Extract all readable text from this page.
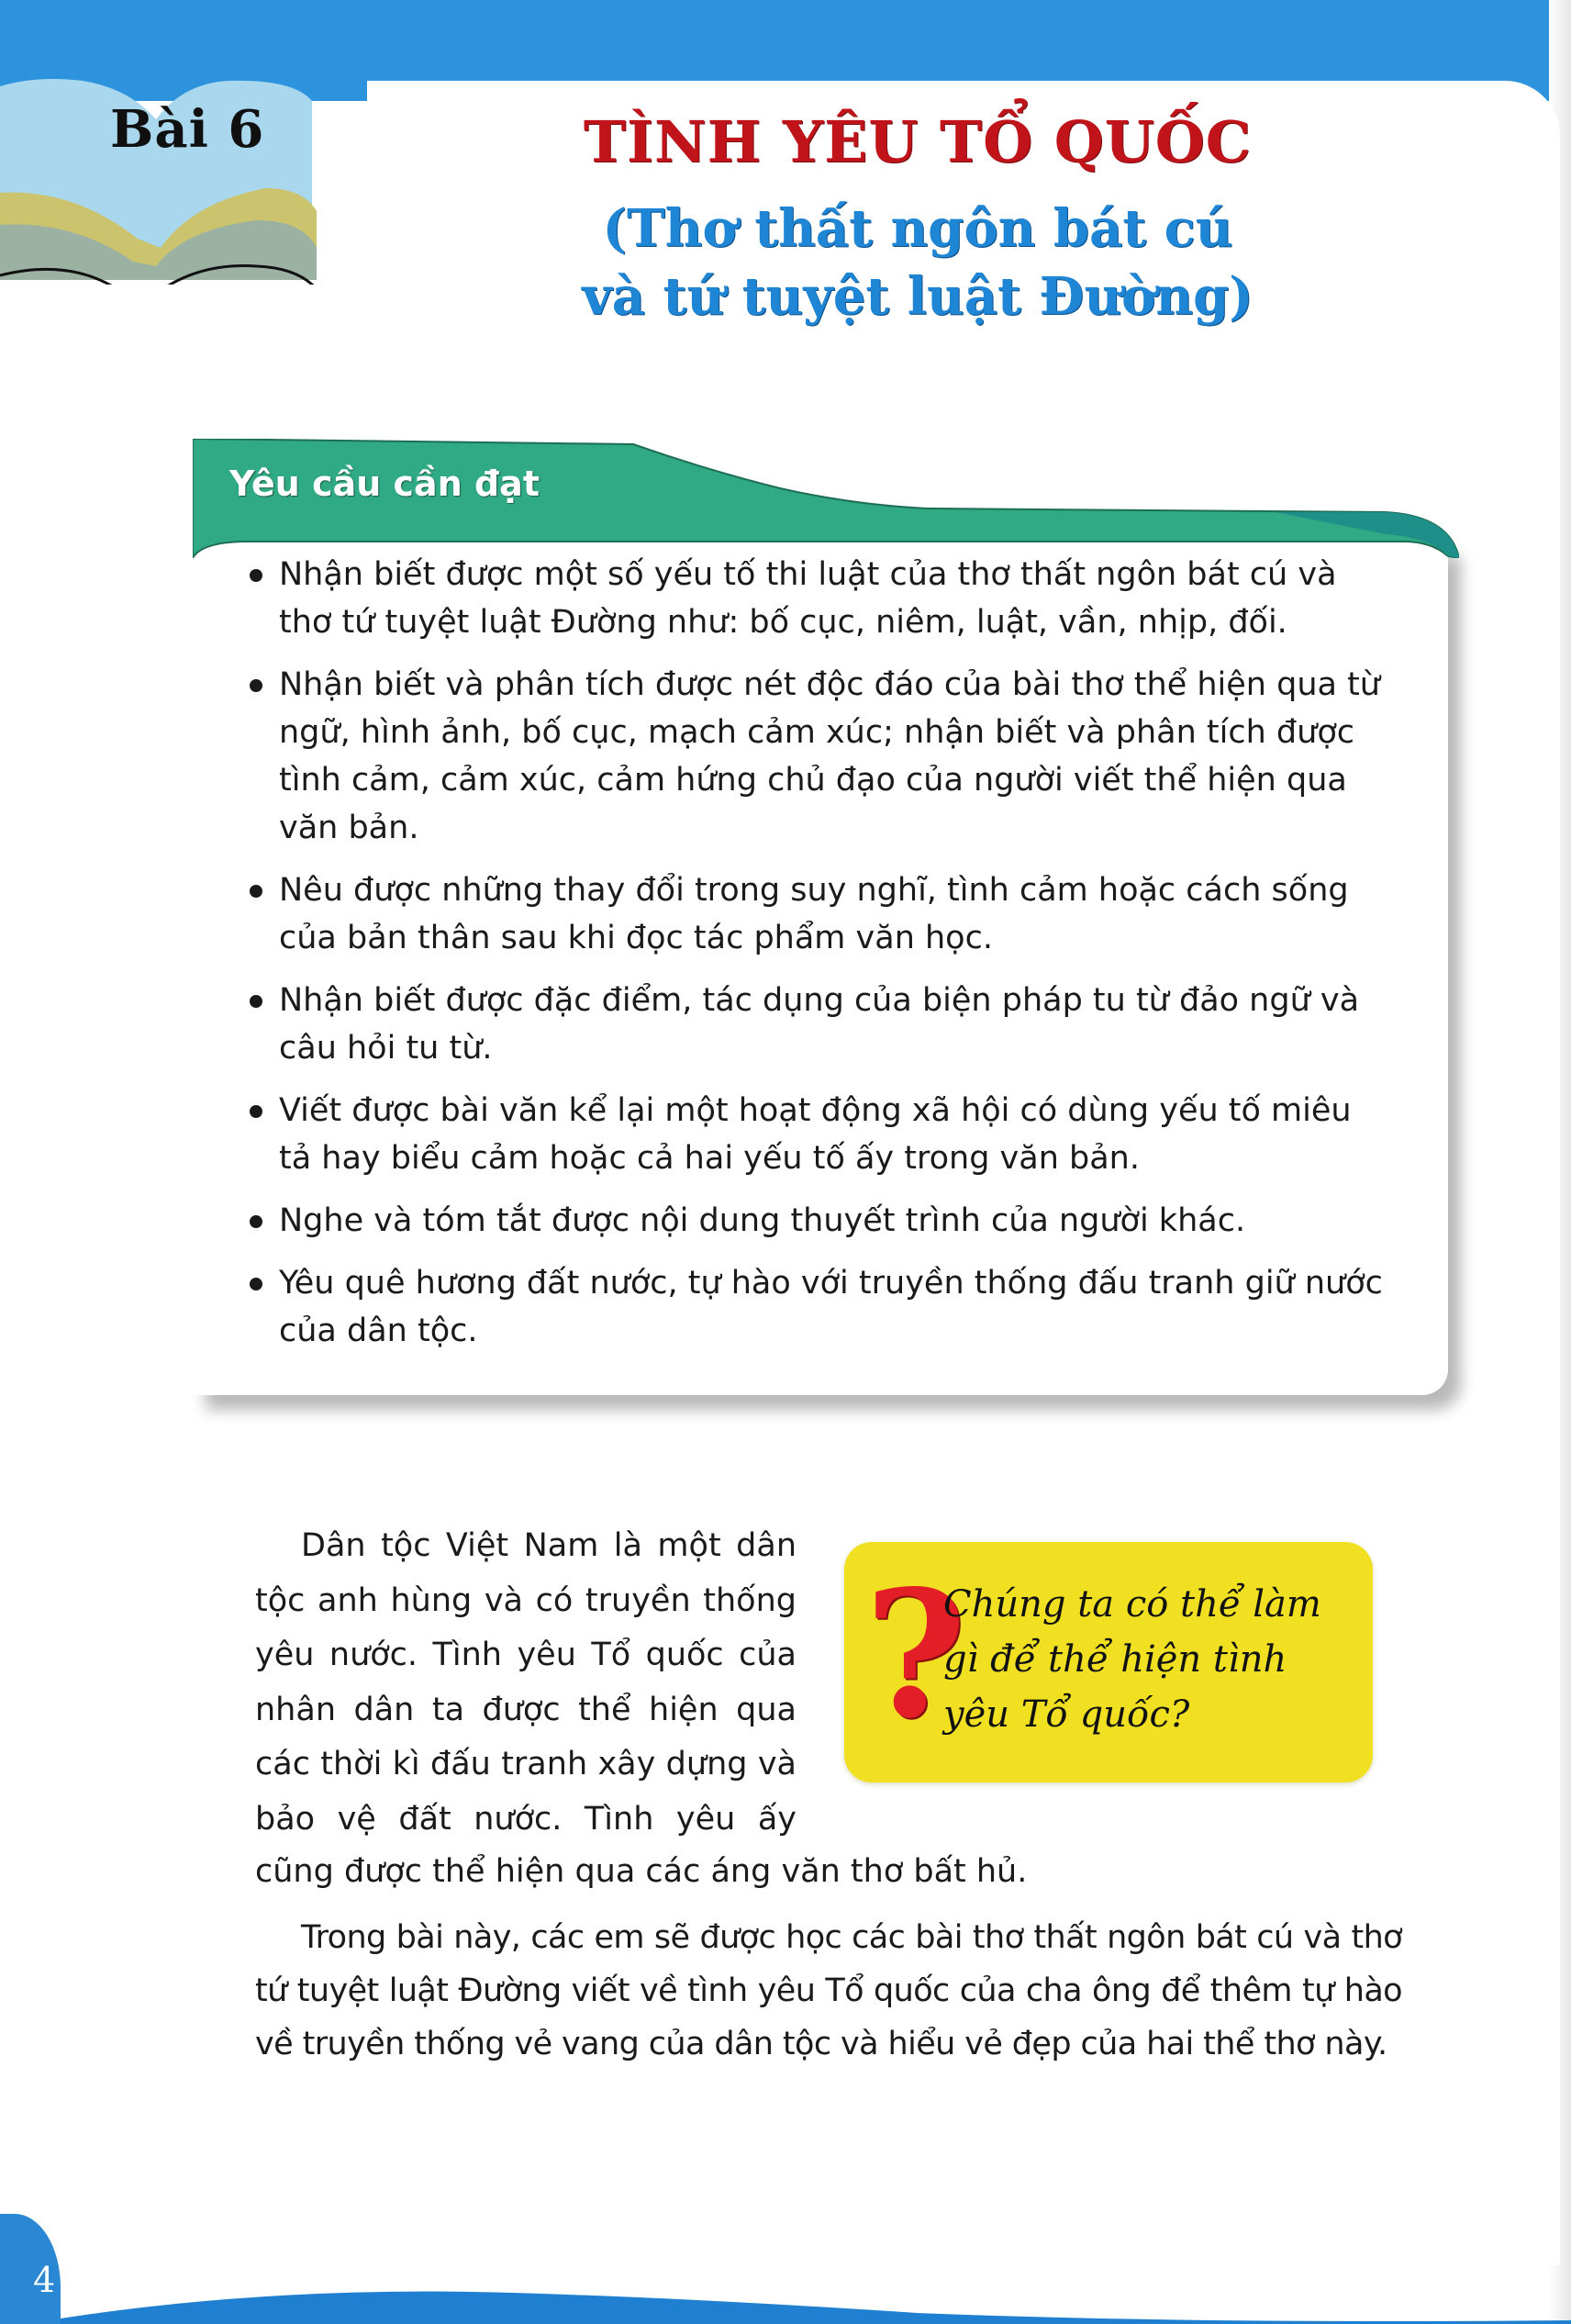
Bài 6	TÌNH YÊU TỔ QUỐC
(Thơ thất ngôn bát cú
và tứ tuyệt luật Đường)
Yêu cầu cần đạt
Nhận biết được một số yếu tố thi luật của thơ thất ngôn bát cú và thơ tứ tuyệt luật Đường như: bố cục, niêm, luật, vần, nhịp, đối.
Nhận biết và phân tích được nét độc đáo của bài thơ thể hiện qua từ ngữ, hình ảnh, bố cục, mạch cảm xúc; nhận biết và phân tích được tình cảm, cảm xúc, cảm hứng chủ đạo của người viết thể hiện qua văn bản.
Nêu được những thay đổi trong suy nghĩ, tình cảm hoặc cách sống của bản thân sau khi đọc tác phẩm văn học.
Nhận biết được đặc điểm, tác dụng của biện pháp tu từ đảo ngữ và câu hỏi tu từ.
Viết được bài văn kể lại một hoạt động xã hội có dùng yếu tố miêu tả hay biểu cảm hoặc cả hai yếu tố ấy trong văn bản.
Nghe và tóm tắt được nội dung thuyết trình của người khác.
Yêu quê hương đất nước, tự hào với truyền thống đấu tranh giữ nước của dân tộc.
Dân tộc Việt Nam là một dân tộc anh hùng và có truyền thống yêu nước. Tình yêu Tổ quốc của nhân dân ta được thể hiện qua các thời kì đấu tranh xây dựng và bảo vệ đất nước. Tình yêu ấy
cũng được thể hiện qua các áng văn thơ bất hủ.
?
Chúng ta có thể làm gì để thể hiện tình yêu Tổ quốc?
Trong bài này, các em sẽ được học các bài thơ thất ngôn bát cú và thơ tứ tuyệt luật Đường viết về tình yêu Tổ quốc của cha ông để thêm tự hào về truyền thống vẻ vang của dân tộc và hiểu vẻ đẹp của hai thể thơ này.
4
